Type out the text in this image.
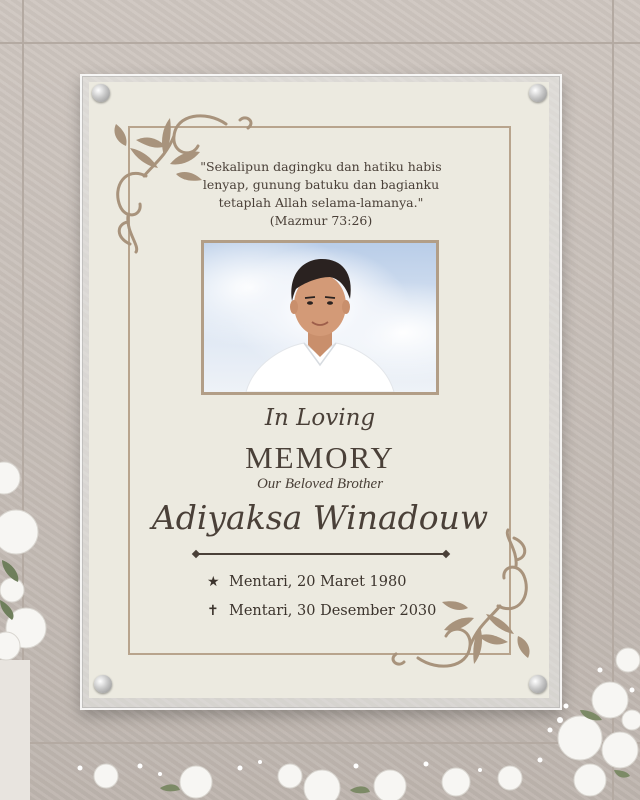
"Sekalipun dagingku dan hatiku habis
lenyap, gunung batuku dan bagianku
tetaplah Allah selama-lamanya."
(Mazmur 73:26)
In Loving
MEMORY
Our Beloved Brother
Adiyaksa Winadouw
★ Mentari, 20 Maret 1980
✝ Mentari, 30 Desember 2030
